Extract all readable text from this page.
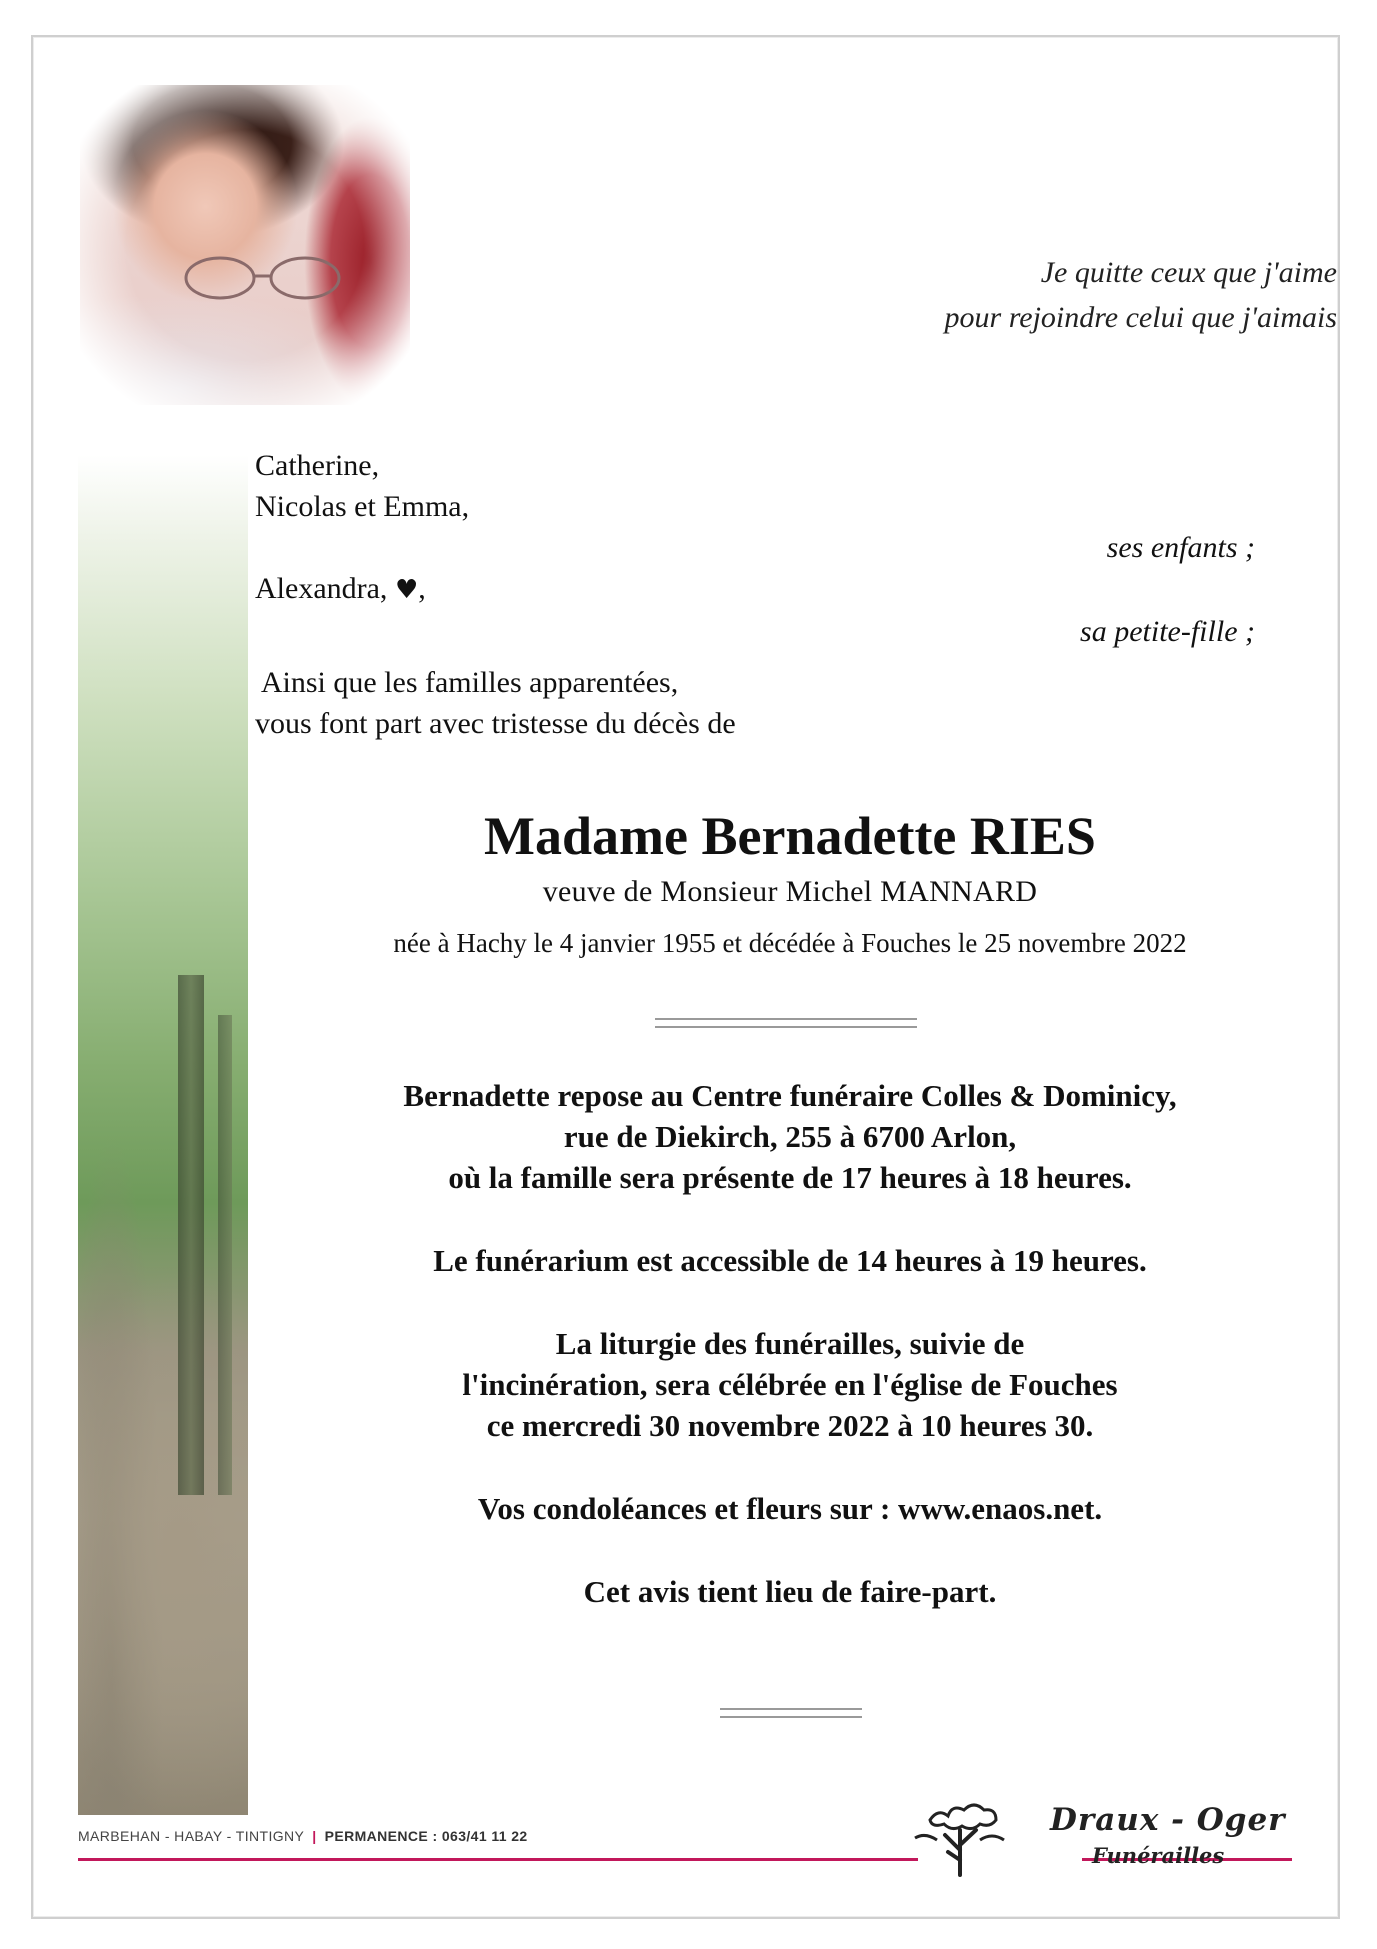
Je quitte ceux que j'aime
pour rejoindre celui que j'aimais
Catherine,
Nicolas et Emma,
ses enfants ;
Alexandra, ♥,
sa petite-fille ;
Ainsi que les familles apparentées,
vous font part avec tristesse du décès de
Madame Bernadette RIES
veuve de Monsieur Michel MANNARD
née à Hachy le 4 janvier 1955 et décédée à Fouches le 25 novembre 2022

Bernadette repose au Centre funéraire Colles & Dominicy,
rue de Diekirch, 255 à 6700 Arlon,
où la famille sera présente de 17 heures à 18 heures.

Le funérarium est accessible de 14 heures à 19 heures.

La liturgie des funérailles, suivie de
l'incinération, sera célébrée en l'église de Fouches
ce mercredi 30 novembre 2022 à 10 heures 30.

Vos condoléances et fleurs sur : www.enaos.net.

Cet avis tient lieu de faire-part.

MARBEHAN - HABAY - TINTIGNY | PERMANENCE : 063/41 11 22	Draux - Oger
Funérailles
